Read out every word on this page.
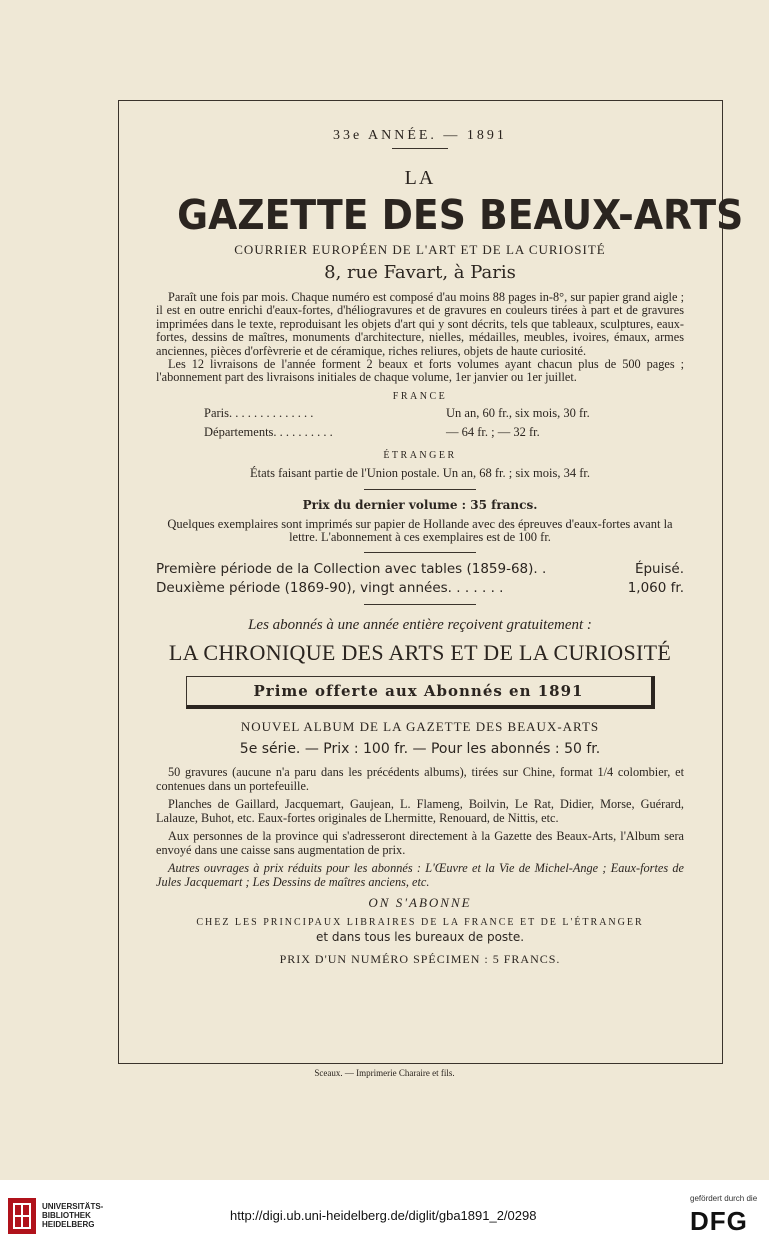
33e ANNÉE. — 1891
LA
GAZETTE DES BEAUX-ARTS
COURRIER EUROPÉEN DE L'ART ET DE LA CURIOSITÉ
8, rue Favart, à Paris

Paraît une fois par mois. Chaque numéro est composé d'au moins 88 pages in-8°, sur papier grand aigle ; il est en outre enrichi d'eaux-fortes, d'héliogravures et de gravures en couleurs tirées à part et de gravures imprimées dans le texte, reproduisant les objets d'art qui y sont décrits, tels que tableaux, sculptures, eaux-fortes, dessins de maîtres, monuments d'architecture, nielles, médailles, meubles, ivoires, émaux, armes anciennes, pièces d'orfèvrerie et de céramique, riches reliures, objets de haute curiosité.

Les 12 livraisons de l'année forment 2 beaux et forts volumes ayant chacun plus de 500 pages ; l'abonnement part des livraisons initiales de chaque volume, 1er janvier ou 1er juillet.

FRANCE
Paris. . . . . . . . . . . . . .	Un an, 60 fr., six mois, 30 fr.
Départements. . . . . . . . . .	— 64 fr. ; — 32 fr.
ÉTRANGER
États faisant partie de l'Union postale. Un an, 68 fr. ; six mois, 34 fr.
Prix du dernier volume : 35 francs.
Quelques exemplaires sont imprimés sur papier de Hollande avec des épreuves d'eaux-fortes avant la lettre. L'abonnement à ces exemplaires est de 100 fr.
Première période de la Collection avec tables (1859-68). .	Épuisé.
Deuxième période (1869-90), vingt années. . . . . . .	1,060 fr.
Les abonnés à une année entière reçoivent gratuitement :
LA CHRONIQUE DES ARTS ET DE LA CURIOSITÉ
Prime offerte aux Abonnés en 1891
NOUVEL ALBUM DE LA GAZETTE DES BEAUX-ARTS
5e série. — Prix : 100 fr. — Pour les abonnés : 50 fr.

50 gravures (aucune n'a paru dans les précédents albums), tirées sur Chine, format 1/4 colombier, et contenues dans un portefeuille.

Planches de Gaillard, Jacquemart, Gaujean, L. Flameng, Boilvin, Le Rat, Didier, Morse, Guérard, Lalauze, Buhot, etc. Eaux-fortes originales de Lhermitte, Renouard, de Nittis, etc.

Aux personnes de la province qui s'adresseront directement à la Gazette des Beaux-Arts, l'Album sera envoyé dans une caisse sans augmentation de prix.

Autres ouvrages à prix réduits pour les abonnés : L'Œuvre et la Vie de Michel-Ange ; Eaux-fortes de Jules Jacquemart ; Les Dessins de maîtres anciens, etc.

ON S'ABONNE
CHEZ LES PRINCIPAUX LIBRAIRES DE LA FRANCE ET DE L'ÉTRANGER
et dans tous les bureaux de poste.
PRIX D'UN NUMÉRO SPÉCIMEN : 5 FRANCS.
Sceaux. — Imprimerie Charaire et fils.
UNIVERSITÄTS-
BIBLIOTHEK
HEIDELBERG
http://digi.ub.uni-heidelberg.de/diglit/gba1891_2/0298
gefördert durch die
DFG
